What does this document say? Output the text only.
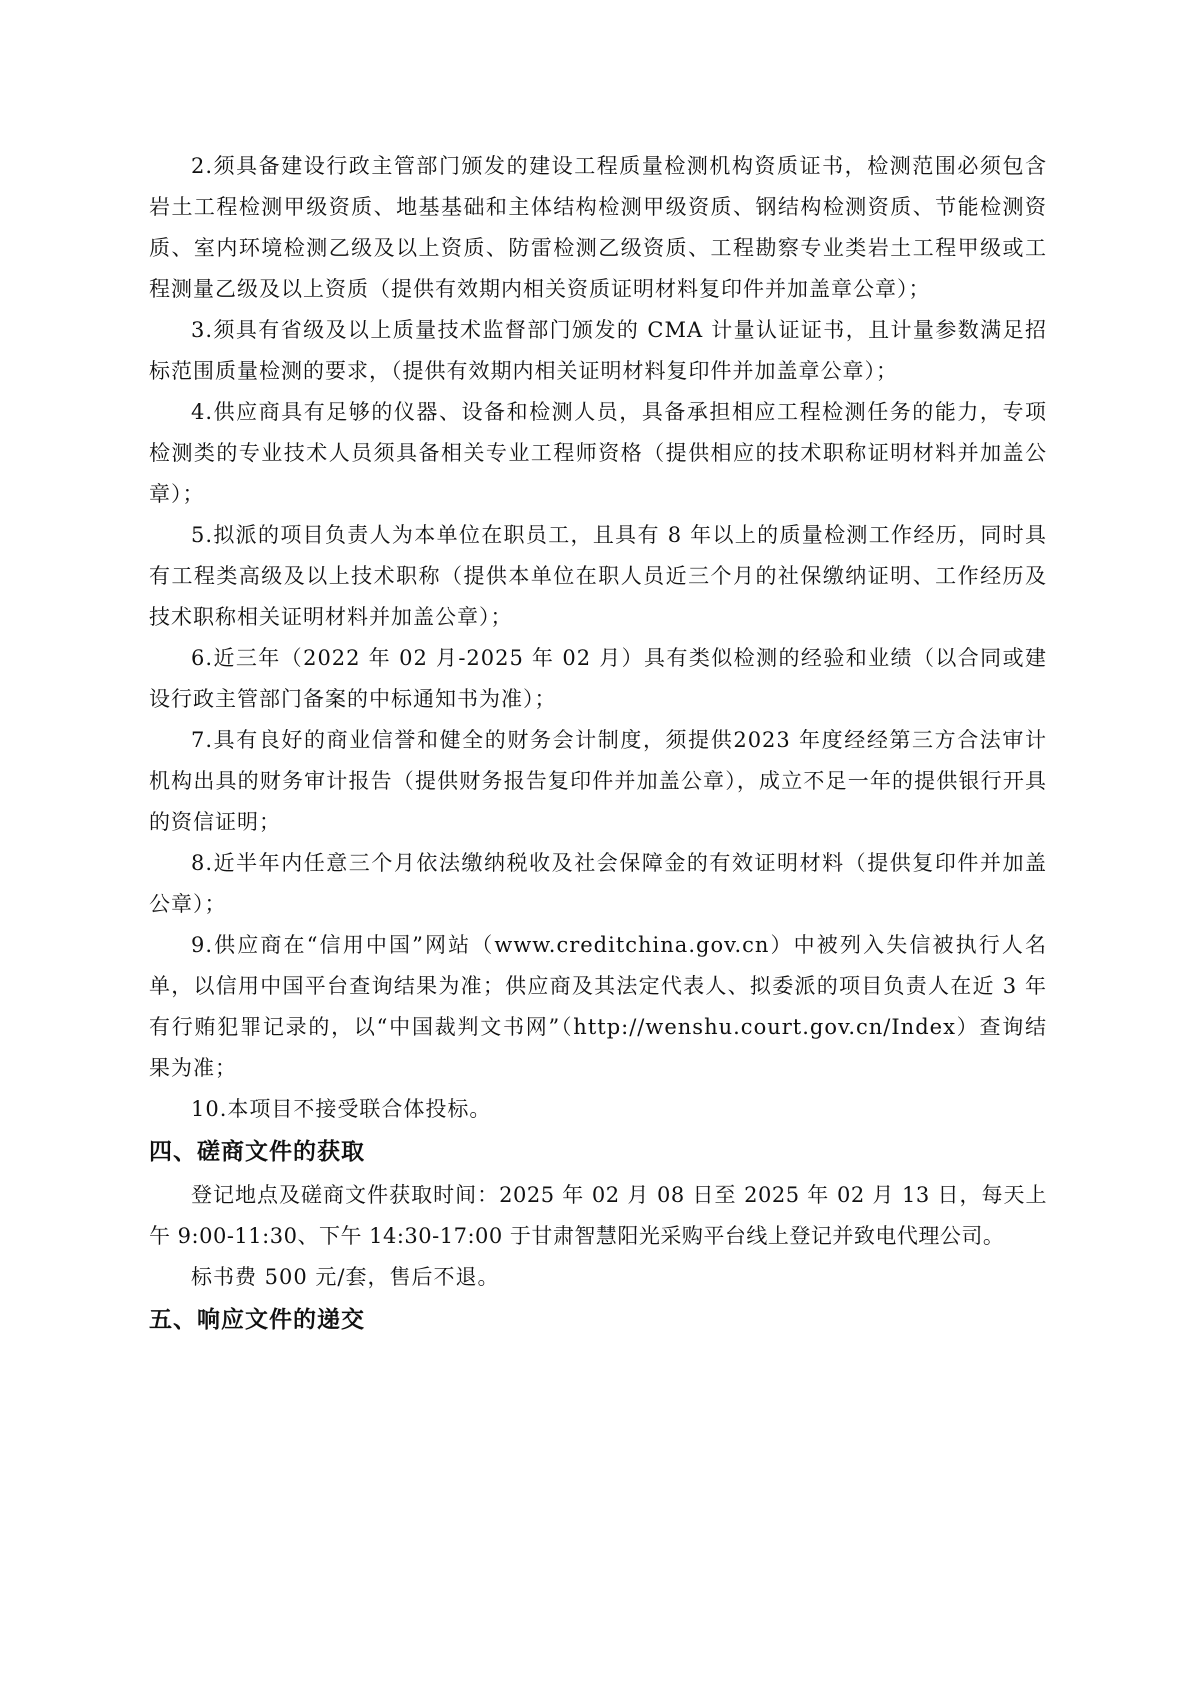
2.须具备建设行政主管部门颁发的建设工程质量检测机构资质证书，检测范围必须包含岩土工程检测甲级资质、地基基础和主体结构检测甲级资质、钢结构检测资质、节能检测资质、室内环境检测乙级及以上资质、防雷检测乙级资质、工程勘察专业类岩土工程甲级或工程测量乙级及以上资质（提供有效期内相关资质证明材料复印件并加盖章公章）；

3.须具有省级及以上质量技术监督部门颁发的 CMA 计量认证证书，且计量参数满足招标范围质量检测的要求，（提供有效期内相关证明材料复印件并加盖章公章）；

4.供应商具有足够的仪器、设备和检测人员，具备承担相应工程检测任务的能力，专项检测类的专业技术人员须具备相关专业工程师资格（提供相应的技术职称证明材料并加盖公章）；

5.拟派的项目负责人为本单位在职员工，且具有 8 年以上的质量检测工作经历，同时具有工程类高级及以上技术职称（提供本单位在职人员近三个月的社保缴纳证明、工作经历及技术职称相关证明材料并加盖公章）；

6.近三年（2022 年 02 月-2025 年 02 月）具有类似检测的经验和业绩（以合同或建设行政主管部门备案的中标通知书为准）；

7.具有良好的商业信誉和健全的财务会计制度，须提供2023 年度经经第三方合法审计机构出具的财务审计报告（提供财务报告复印件并加盖公章），成立不足一年的提供银行开具的资信证明；

8.近半年内任意三个月依法缴纳税收及社会保障金的有效证明材料（提供复印件并加盖公章）；

9.供应商在“信用中国”网站（www.creditchina.gov.cn）中被列入失信被执行人名单，以信用中国平台查询结果为准；供应商及其法定代表人、拟委派的项目负责人在近 3 年有行贿犯罪记录的，以“中国裁判文书网”（http://wenshu.court.gov.cn/Index）查询结果为准；

10.本项目不接受联合体投标。

四、磋商文件的获取

登记地点及磋商文件获取时间：2025 年 02 月 08 日至 2025 年 02 月 13 日，每天上午 9:00-11:30、下午 14:30-17:00 于甘肃智慧阳光采购平台线上登记并致电代理公司。

标书费 500 元/套，售后不退。

五、响应文件的递交
